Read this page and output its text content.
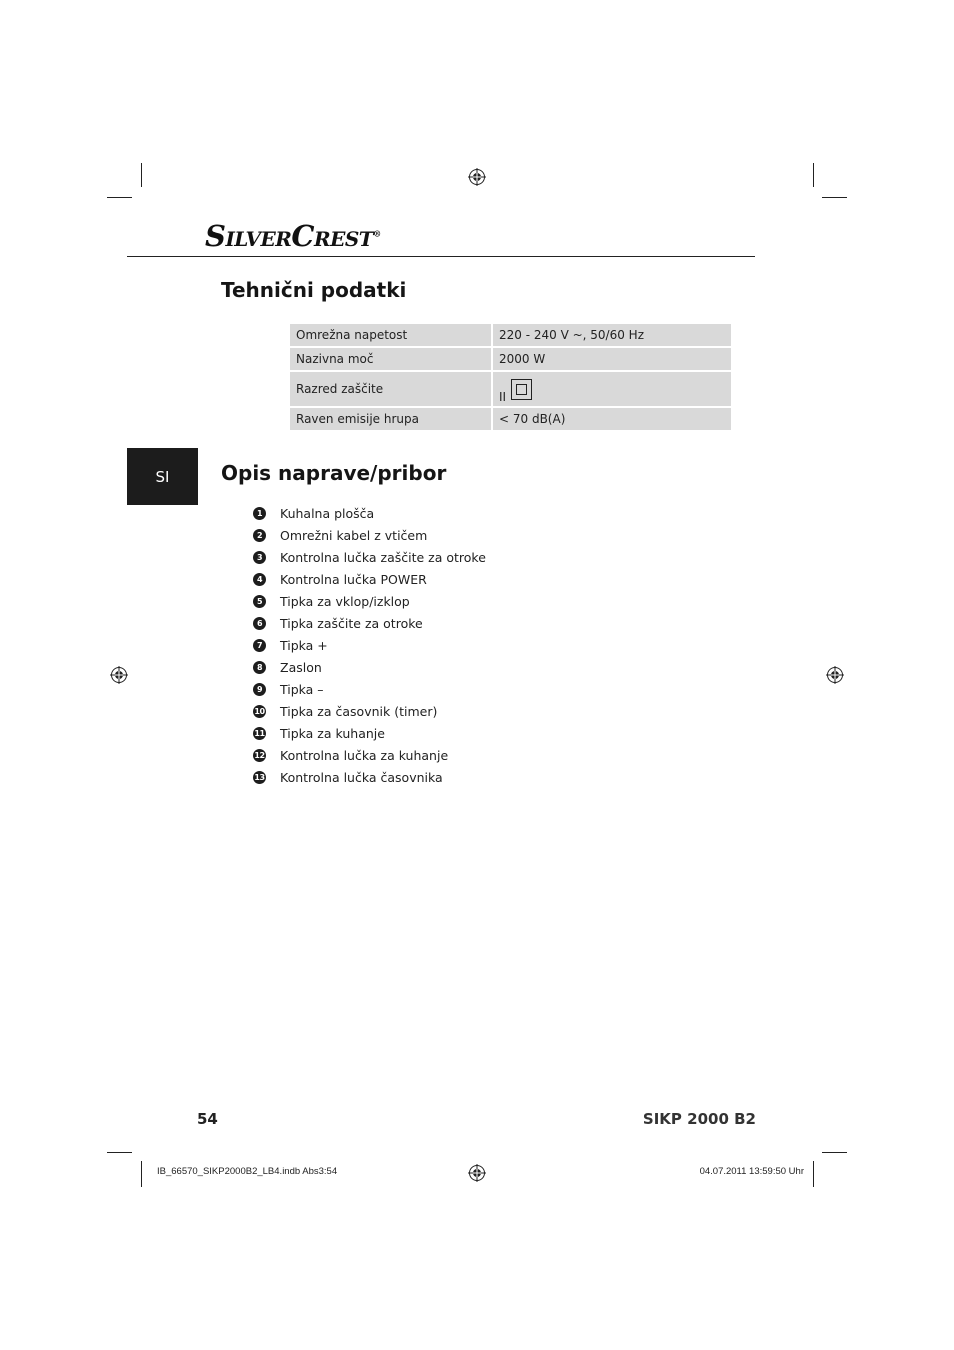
SILVERCREST®
Tehnični podatki
Omrežna napetost	220 - 240 V ~, 50/60 Hz
Nazivna moč	2000 W
Razred zaščite	II
Raven emisije hrupa	< 70 dB(A)
SI	Opis naprave/pribor
1	Kuhalna plošča
2	Omrežni kabel z vtičem
3	Kontrolna lučka zaščite za otroke
4	Kontrolna lučka POWER
5	Tipka za vklop/izklop
6	Tipka zaščite za otroke
7	Tipka +
8	Zaslon
9	Tipka –
10 Tipka za časovnik (timer)
11 Tipka za kuhanje
12 Kontrolna lučka za kuhanje
13 Kontrolna lučka časovnika
54	SIKP 2000 B2
IB_66570_SIKP2000B2_LB4.indb Abs3:54	04.07.2011 13:59:50 Uhr
